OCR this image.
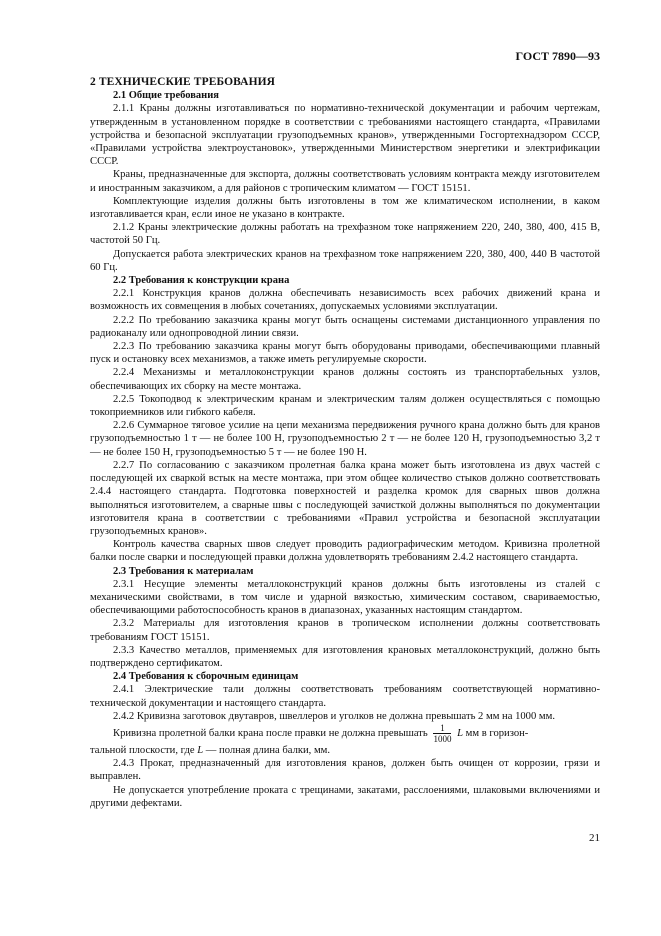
ГОСТ 7890—93

2 ТЕХНИЧЕСКИЕ ТРЕБОВАНИЯ

2.1 Общие требования

2.1.1 Краны должны изготавливаться по нормативно-технической документации и рабочим чертежам, утвержденным в установленном порядке в соответствии с требованиями настоящего стандарта, «Правилами устройства и безопасной эксплуатации грузоподъемных кранов», утвержденными Госгортехнадзором СССР, «Правилами устройства электроустановок», утвержденными Министерством энергетики и электрификации СССР.

Краны, предназначенные для экспорта, должны соответствовать условиям контракта между изготовителем и иностранным заказчиком, а для районов с тропическим климатом — ГОСТ 15151.

Комплектующие изделия должны быть изготовлены в том же климатическом исполнении, в каком изготавливается кран, если иное не указано в контракте.

2.1.2 Краны электрические должны работать на трехфазном токе напряжением 220, 240, 380, 400, 415 В, частотой 50 Гц.

Допускается работа электрических кранов на трехфазном токе напряжением 220, 380, 400, 440 В частотой 60 Гц.

2.2 Требования к конструкции крана

2.2.1 Конструкция кранов должна обеспечивать независимость всех рабочих движений крана и возможность их совмещения в любых сочетаниях, допускаемых условиями эксплуатации.

2.2.2 По требованию заказчика краны могут быть оснащены системами дистанционного управления по радиоканалу или однопроводной линии связи.

2.2.3 По требованию заказчика краны могут быть оборудованы приводами, обеспечивающими плавный пуск и остановку всех механизмов, а также иметь регулируемые скорости.

2.2.4 Механизмы и металлоконструкции кранов должны состоять из транспортабельных узлов, обеспечивающих их сборку на месте монтажа.

2.2.5 Токоподвод к электрическим кранам и электрическим талям должен осуществляться с помощью токоприемников или гибкого кабеля.

2.2.6 Суммарное тяговое усилие на цепи механизма передвижения ручного крана должно быть для кранов грузоподъемностью 1 т — не более 100 Н, грузоподъемностью 2 т — не более 120 Н, грузоподъемностью 3,2 т — не более 150 Н, грузоподъемностью 5 т — не более 190 Н.

2.2.7 По согласованию с заказчиком пролетная балка крана может быть изготовлена из двух частей с последующей их сваркой встык на месте монтажа, при этом общее количество стыков должно соответствовать 2.4.4 настоящего стандарта. Подготовка поверхностей и разделка кромок для сварных швов должна выполняться изготовителем, а сварные швы с последующей зачисткой должны выполняться по документации изготовителя крана в соответствии с требованиями «Правил устройства и безопасной эксплуатации грузоподъемных кранов».

Контроль качества сварных швов следует проводить радиографическим методом. Кривизна пролетной балки после сварки и последующей правки должна удовлетворять требованиям 2.4.2 настоящего стандарта.

2.3 Требования к материалам

2.3.1 Несущие элементы металлоконструкций кранов должны быть изготовлены из сталей с механическими свойствами, в том числе и ударной вязкостью, химическим составом, свариваемостью, обеспечивающими работоспособность кранов в диапазонах, указанных настоящим стандартом.

2.3.2 Материалы для изготовления кранов в тропическом исполнении должны соответствовать требованиям ГОСТ 15151.

2.3.3 Качество металлов, применяемых для изготовления крановых металлоконструкций, должно быть подтверждено сертификатом.

2.4 Требования к сборочным единицам

2.4.1 Электрические тали должны соответствовать требованиям соответствующей нормативно-технической документации и настоящего стандарта.

2.4.2 Кривизна заготовок двутавров, швеллеров и уголков не должна превышать 2 мм на 1000 мм.

Кривизна пролетной балки крана после правки не должна превышать $\frac{1}{1000}$ L мм в горизон-

тальной плоскости, где L — полная длина балки, мм.

2.4.3 Прокат, предназначенный для изготовления кранов, должен быть очищен от коррозии, грязи и выправлен.

Не допускается употребление проката с трещинами, закатами, расслоениями, шлаковыми включениями и другими дефектами.

21
